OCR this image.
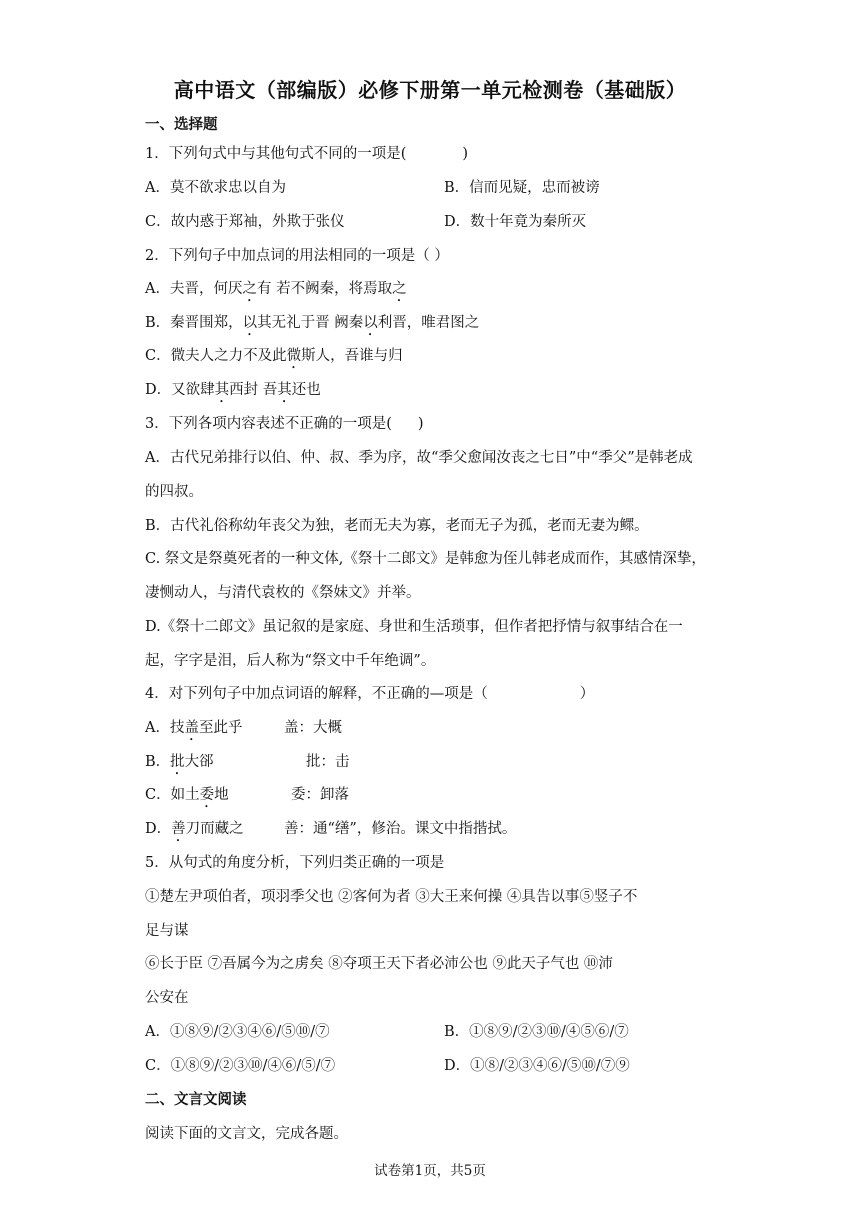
高中语文（部编版）必修下册第一单元检测卷（基础版）
一、选择题
1．下列句式中与其他句式不同的一项是(	)
A．莫不欲求忠以自为	B．信而见疑，忠而被谤
C．故内惑于郑袖，外欺于张仪	D．数十年竟为秦所灭
2．下列句子中加点词的用法相同的一项是（ ）
A．夫晋，何厌之有 若不阙秦，将焉取之
B．秦晋围郑，以其无礼于晋 阙秦以利晋，唯君图之
C．微夫人之力不及此微斯人，吾谁与归
D．又欲肆其西封 吾其还也
3．下列各项内容表述不正确的一项是( )
A．古代兄弟排行以伯、仲、叔、季为序，故“季父愈闻汝丧之七日”中“季父”是韩老成
的四叔。
B．古代礼俗称幼年丧父为独，老而无夫为寡，老而无子为孤，老而无妻为鳏。
C. 祭文是祭奠死者的一种文体,《祭十二郎文》是韩愈为侄儿韩老成而作，其感情深挚，
凄恻动人，与清代袁枚的《祭妹文》并举。
D.《祭十二郎文》虽记叙的是家庭、身世和生活琐事，但作者把抒情与叙事结合在一
起，字字是泪，后人称为“祭文中千年绝调”。
4．对下列句子中加点词语的解释，不正确的—项是（	）
A．技盖至此乎	盖：大概
B．批大郤	批：击
C．如土委地	委：卸落
D．善刀而藏之	善：通“缮”，修治。课文中指揩拭。
5．从句式的角度分析，下列归类正确的一项是
①楚左尹项伯者，项羽季父也 ②客何为者 ③大王来何操 ④具告以事⑤竖子不
足与谋
⑥长于臣 ⑦吾属今为之虏矣 ⑧夺项王天下者必沛公也 ⑨此天子气也 ⑩沛
公安在
A．①⑧⑨/②③④⑥/⑤⑩/⑦	B．①⑧⑨/②③⑩/④⑤⑥/⑦
C．①⑧⑨/②③⑩/④⑥/⑤/⑦	D．①⑧/②③④⑥/⑤⑩/⑦⑨
二、文言文阅读
阅读下面的文言文，完成各题。
试卷第1页，共5页
